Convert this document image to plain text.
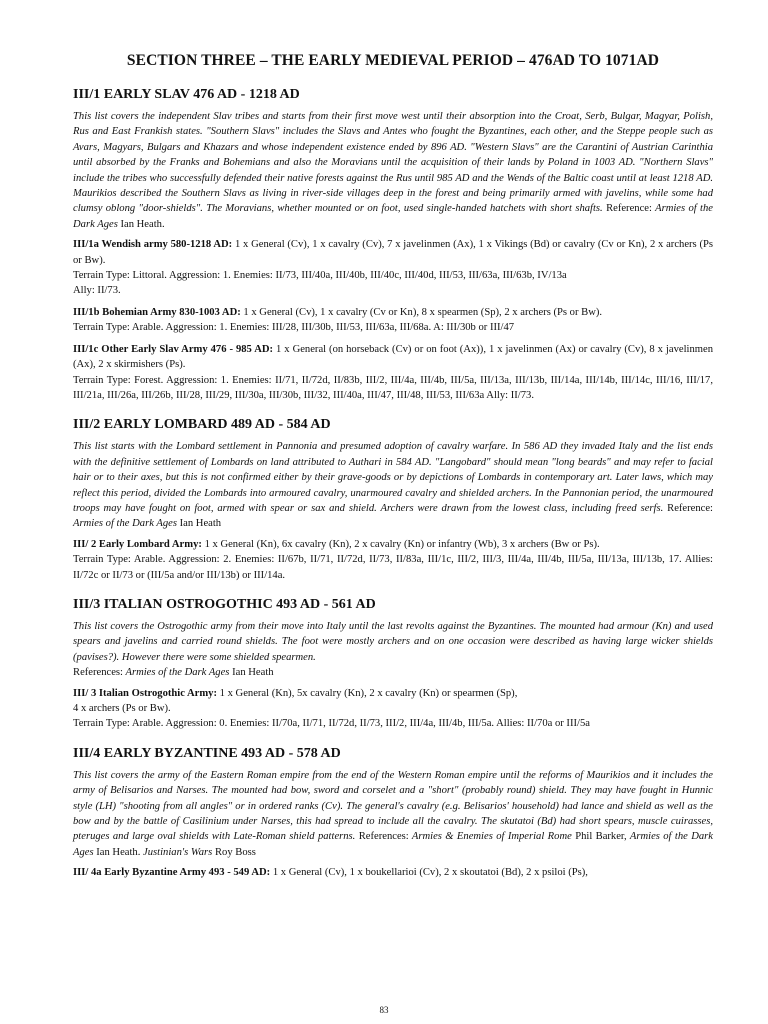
SECTION THREE – THE EARLY MEDIEVAL PERIOD – 476AD TO 1071AD
III/1 EARLY SLAV 476 AD - 1218 AD
This list covers the independent Slav tribes and starts from their first move west until their absorption into the Croat, Serb, Bulgar, Magyar, Polish, Rus and East Frankish states. "Southern Slavs" includes the Slavs and Antes who fought the Byzantines, each other, and the Steppe people such as Avars, Magyars, Bulgars and Khazars and whose independent existence ended by 896 AD. "Western Slavs" are the Carantini of Austrian Carinthia until absorbed by the Franks and Bohemians and also the Moravians until the acquisition of their lands by Poland in 1003 AD. "Northern Slavs" include the tribes who successfully defended their native forests against the Rus until 985 AD and the Wends of the Baltic coast until at least 1218 AD. Maurikios described the Southern Slavs as living in river-side villages deep in the forest and being primarily armed with javelins, while some had clumsy oblong "door-shields". The Moravians, whether mounted or on foot, used single-handed hatchets with short shafts. Reference: Armies of the Dark Ages Ian Heath.
III/1a Wendish army 580-1218 AD: 1 x General (Cv), 1 x cavalry (Cv), 7 x javelinmen (Ax), 1 x Vikings (Bd) or cavalry (Cv or Kn), 2 x archers (Ps or Bw).
Terrain Type: Littoral. Aggression: 1. Enemies: II/73, III/40a, III/40b, III/40c, III/40d, III/53, III/63a, III/63b, IV/13a
Ally: II/73.
III/1b Bohemian Army 830-1003 AD: 1 x General (Cv), 1 x cavalry (Cv or Kn), 8 x spearmen (Sp), 2 x archers (Ps or Bw).
Terrain Type: Arable. Aggression: 1. Enemies: III/28, III/30b, III/53, III/63a, III/68a. A: III/30b or III/47
III/1c Other Early Slav Army 476 - 985 AD: 1 x General (on horseback (Cv) or on foot (Ax)), 1 x javelinmen (Ax) or cavalry (Cv), 8 x javelinmen (Ax), 2 x skirmishers (Ps).
Terrain Type: Forest. Aggression: 1. Enemies: II/71, II/72d, II/83b, III/2, III/4a, III/4b, III/5a, III/13a, III/13b, III/14a, III/14b, III/14c, III/16, III/17, III/21a, III/26a, III/26b, III/28, III/29, III/30a, III/30b, III/32, III/40a, III/47, III/48, III/53, III/63a Ally: II/73.
III/2 EARLY LOMBARD 489 AD - 584 AD
This list starts with the Lombard settlement in Pannonia and presumed adoption of cavalry warfare. In 586 AD they invaded Italy and the list ends with the definitive settlement of Lombards on land attributed to Authari in 584 AD. "Langobard" should mean "long beards" and may refer to facial hair or to their axes, but this is not confirmed either by their grave-goods or by depictions of Lombards in contemporary art. Later laws, which may reflect this period, divided the Lombards into armoured cavalry, unarmoured cavalry and shielded archers. In the Pannonian period, the unarmoured troops may have fought on foot, armed with spear or sax and shield. Archers were drawn from the lowest class, including freed serfs. Reference: Armies of the Dark Ages Ian Heath
III/ 2 Early Lombard Army: 1 x General (Kn), 6x cavalry (Kn), 2 x cavalry (Kn) or infantry (Wb), 3 x archers (Bw or Ps).
Terrain Type: Arable. Aggression: 2. Enemies: II/67b, II/71, II/72d, II/73, II/83a, III/1c, III/2, III/3, III/4a, III/4b, III/5a, III/13a, III/13b, 17. Allies: II/72c or II/73 or (III/5a and/or III/13b) or III/14a.
III/3 ITALIAN OSTROGOTHIC 493 AD - 561 AD
This list covers the Ostrogothic army from their move into Italy until the last revolts against the Byzantines. The mounted had armour (Kn) and used spears and javelins and carried round shields. The foot were mostly archers and on one occasion were described as having large wicker shields (pavises?). However there were some shielded spearmen.
References: Armies of the Dark Ages Ian Heath
III/ 3 Italian Ostrogothic Army: 1 x General (Kn), 5x cavalry (Kn), 2 x cavalry (Kn) or spearmen (Sp),
4 x archers (Ps or Bw).
Terrain Type: Arable. Aggression: 0. Enemies: II/70a, II/71, II/72d, II/73, III/2, III/4a, III/4b, III/5a. Allies: II/70a or III/5a
III/4 EARLY BYZANTINE 493 AD - 578 AD
This list covers the army of the Eastern Roman empire from the end of the Western Roman empire until the reforms of Maurikios and it includes the army of Belisarios and Narses. The mounted had bow, sword and corselet and a "short" (probably round) shield. They may have fought in Hunnic style (LH) "shooting from all angles" or in ordered ranks (Cv). The general's cavalry (e.g. Belisarios' household) had lance and shield as well as the bow and by the battle of Casilinium under Narses, this had spread to include all the cavalry. The skutatoi (Bd) had short spears, muscle cuirasses, pteruges and large oval shields with Late-Roman shield patterns. References: Armies & Enemies of Imperial Rome Phil Barker, Armies of the Dark Ages Ian Heath. Justinian's Wars Roy Boss
III/ 4a Early Byzantine Army 493 - 549 AD: 1 x General (Cv), 1 x boukellarioi (Cv), 2 x skoutatoi (Bd), 2 x psiloi (Ps),
83
